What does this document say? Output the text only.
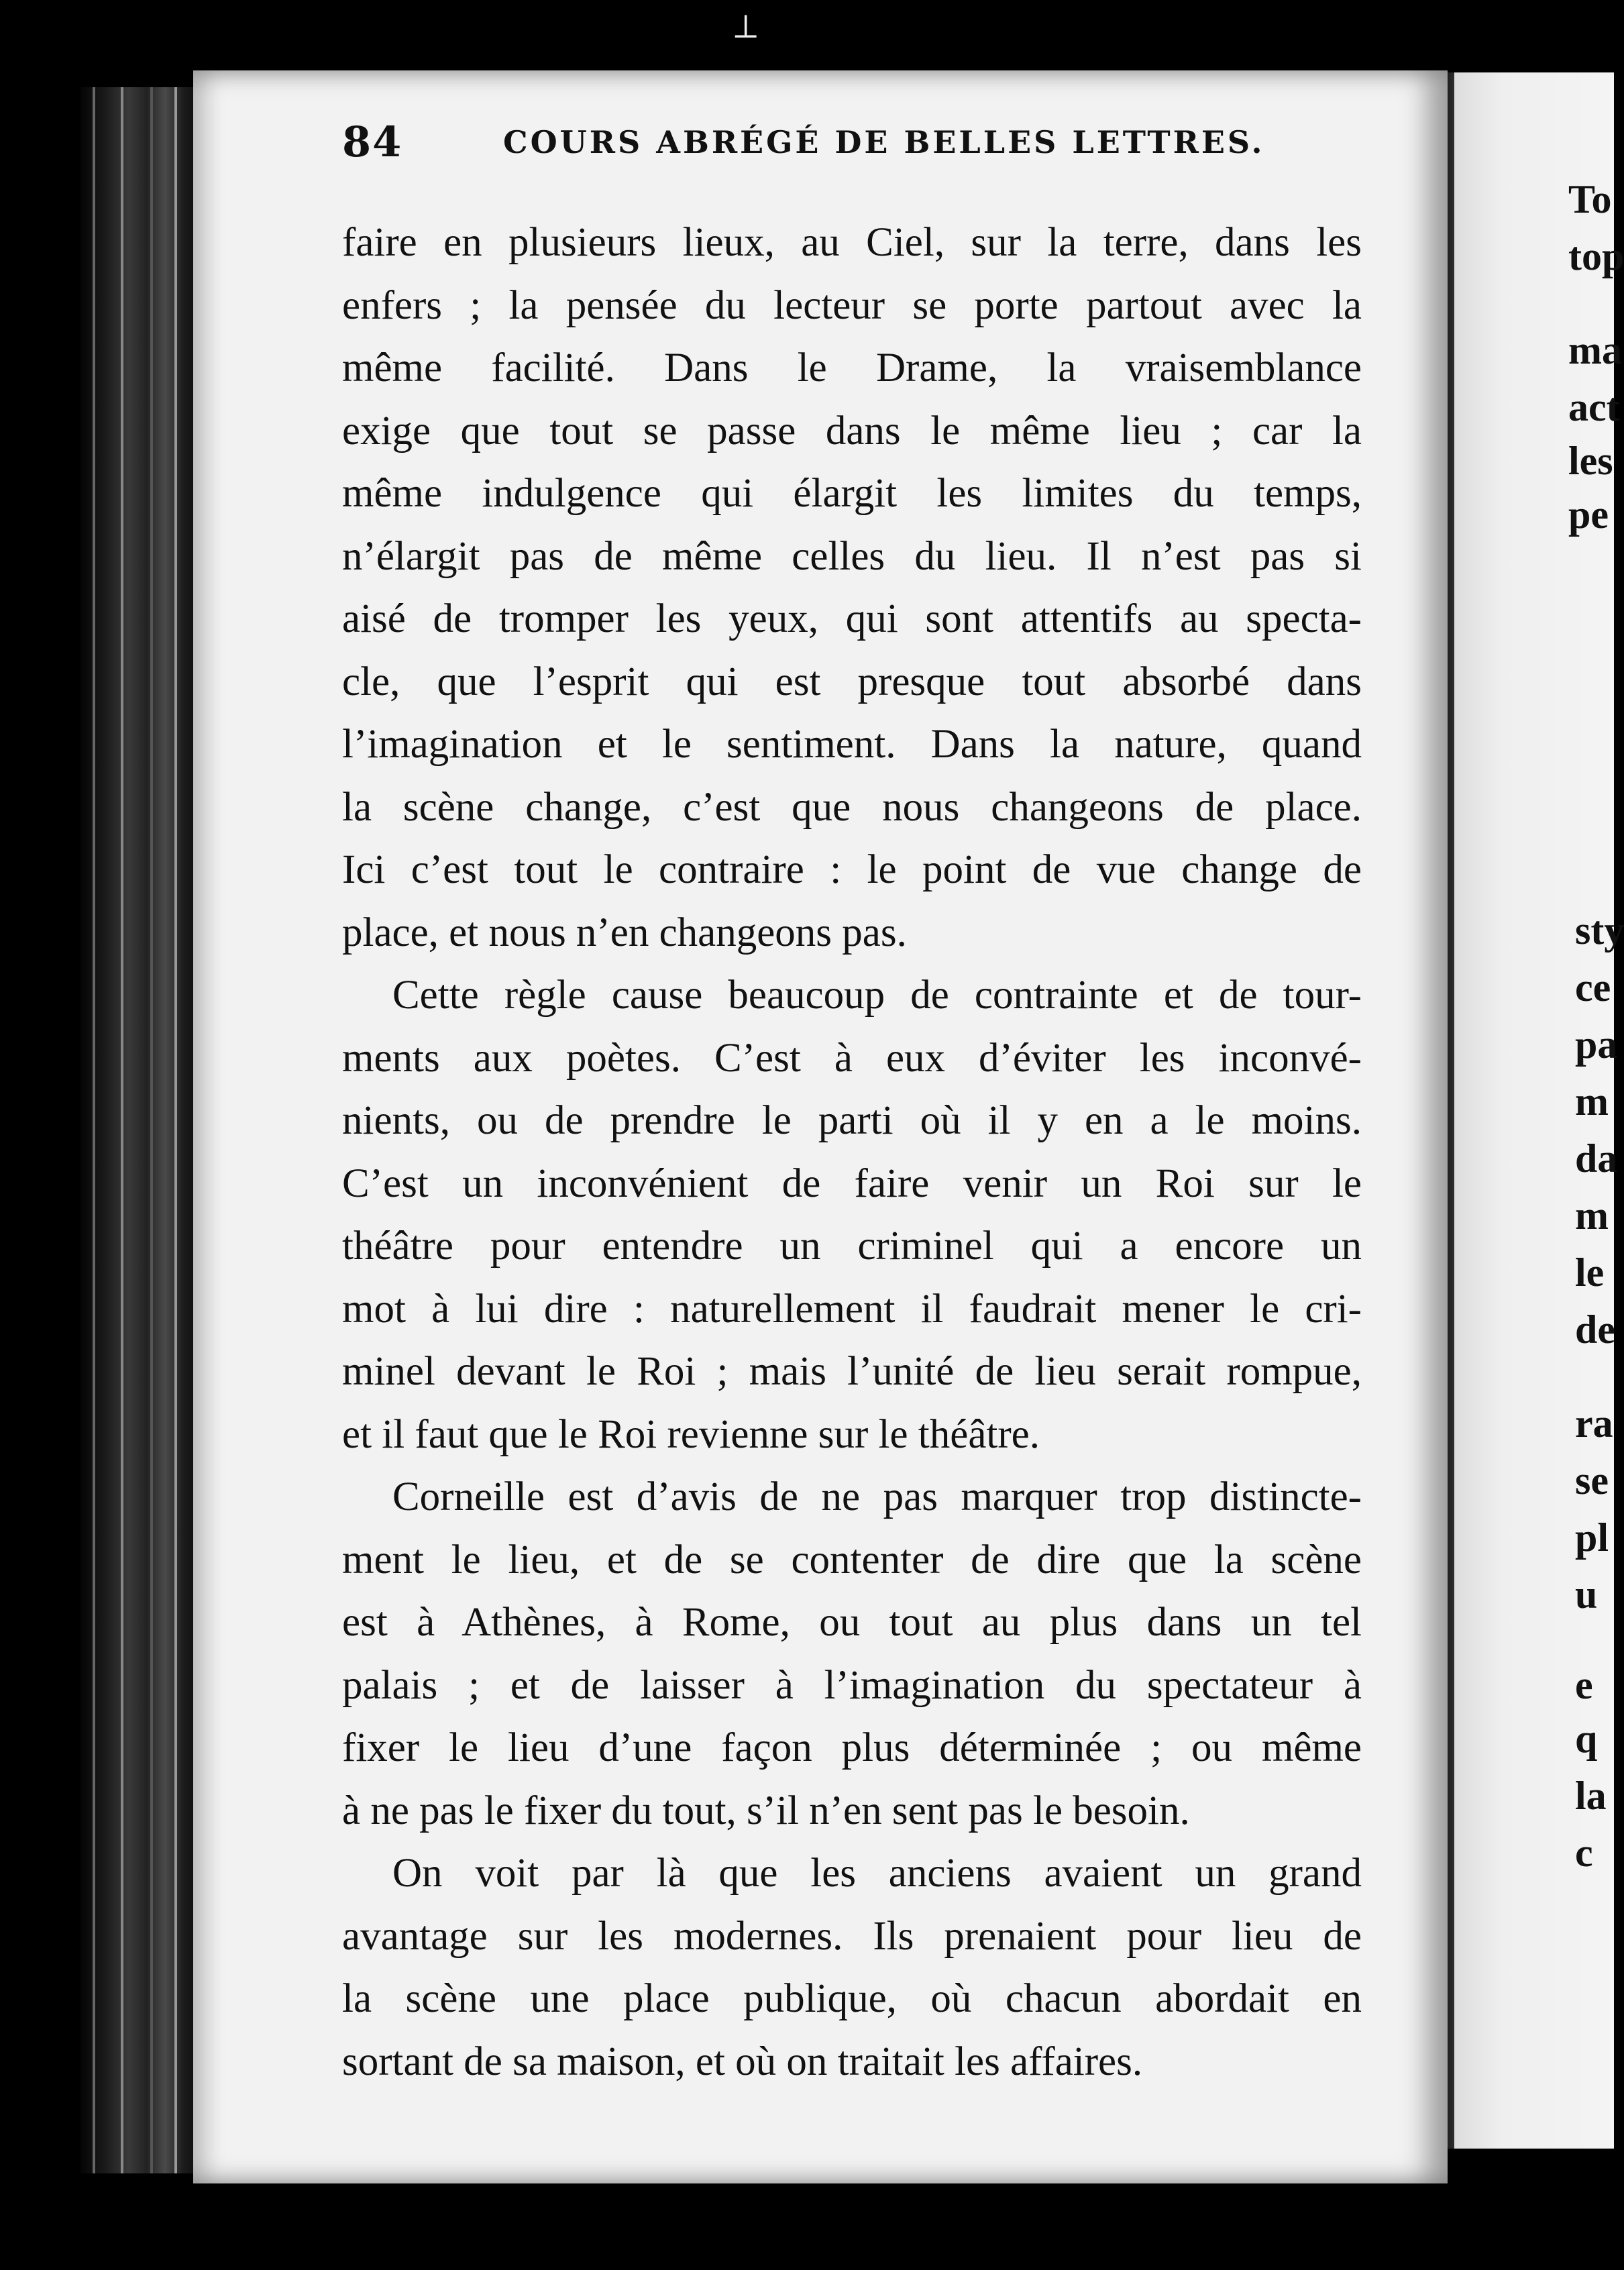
To
top
ma
act
les
pe
sty
ce
pa
m
da
m
le
de
ra
se
pl
u
e
q
la
c
84	COURS ABRÉGÉ DE BELLES LETTRES.
faire en plusieurs lieux, au Ciel, sur la terre, dans les
enfers ; la pensée du lecteur se porte partout avec la
même facilité. Dans le Drame, la vraisemblance
exige que tout se passe dans le même lieu ; car la
même indulgence qui élargit les limites du temps,
n’élargit pas de même celles du lieu. Il n’est pas si
aisé de tromper les yeux, qui sont attentifs au specta-
cle, que l’esprit qui est presque tout absorbé dans
l’imagination et le sentiment. Dans la nature, quand
la scène change, c’est que nous changeons de place.
Ici c’est tout le contraire : le point de vue change de
place, et nous n’en changeons pas.
Cette règle cause beaucoup de contrainte et de tour-
ments aux poètes. C’est à eux d’éviter les inconvé-
nients, ou de prendre le parti où il y en a le moins.
C’est un inconvénient de faire venir un Roi sur le
théâtre pour entendre un criminel qui a encore un
mot à lui dire : naturellement il faudrait mener le cri-
minel devant le Roi ; mais l’unité de lieu serait rompue,
et il faut que le Roi revienne sur le théâtre.
Corneille est d’avis de ne pas marquer trop distincte-
ment le lieu, et de se contenter de dire que la scène
est à Athènes, à Rome, ou tout au plus dans un tel
palais ; et de laisser à l’imagination du spectateur à
fixer le lieu d’une façon plus déterminée ; ou même
à ne pas le fixer du tout, s’il n’en sent pas le besoin.
On voit par là que les anciens avaient un grand
avantage sur les modernes. Ils prenaient pour lieu de
la scène une place publique, où chacun abordait en
sortant de sa maison, et où on traitait les affaires.
⟂
